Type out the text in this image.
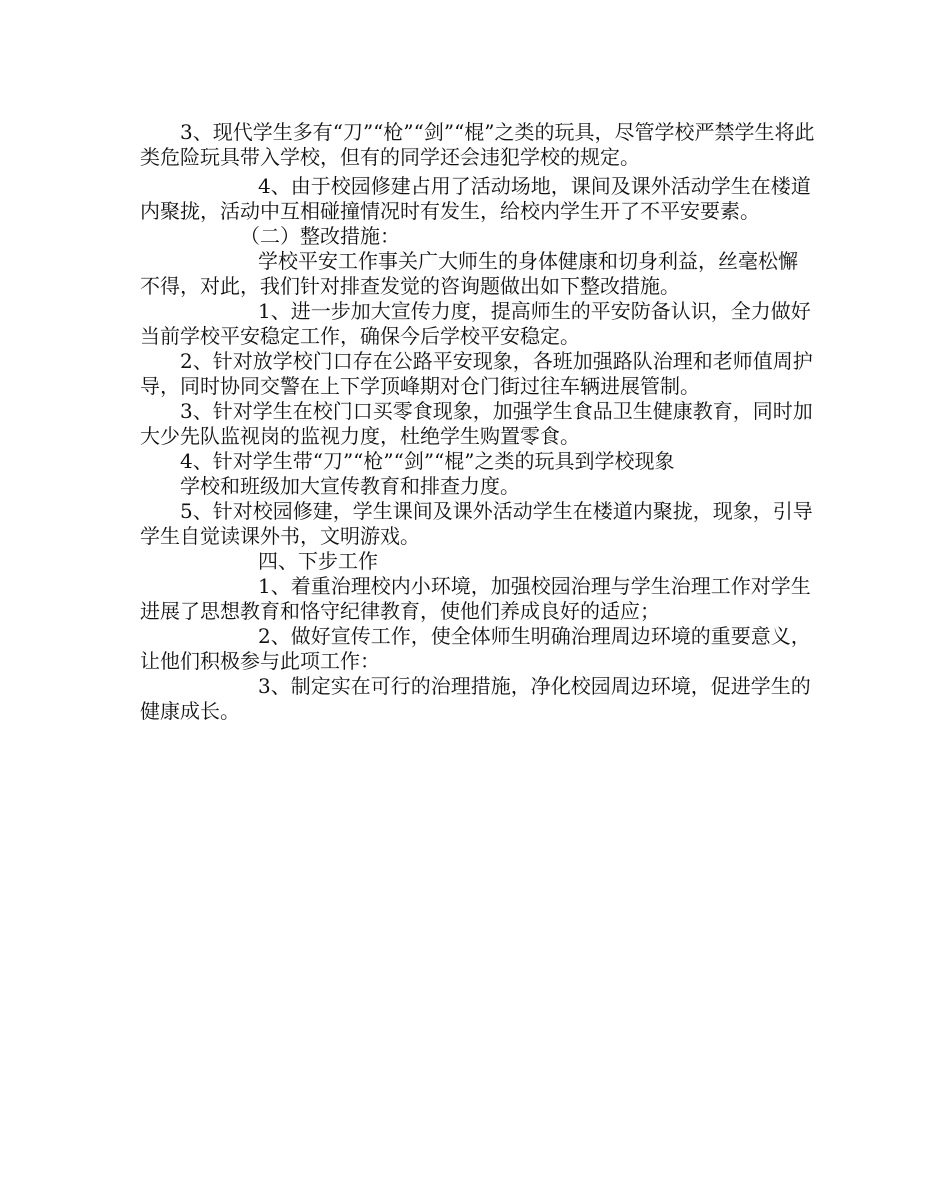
3、现代学生多有“刀”“枪”“剑”“棍”之类的玩具，尽管学校严禁学生将此类危险玩具带入学校，但有的同学还会违犯学校的规定。

4、由于校园修建占用了活动场地，课间及课外活动学生在楼道内聚拢，活动中互相碰撞情况时有发生，给校内学生开了不平安要素。

（二）整改措施：

学校平安工作事关广大师生的身体健康和切身利益，丝毫松懈不得，对此，我们针对排查发觉的咨询题做出如下整改措施。

1、进一步加大宣传力度，提高师生的平安防备认识，全力做好当前学校平安稳定工作，确保今后学校平安稳定。

2、针对放学校门口存在公路平安现象，各班加强路队治理和老师值周护导，同时协同交警在上下学顶峰期对仓门街过往车辆进展管制。

3、针对学生在校门口买零食现象，加强学生食品卫生健康教育，同时加大少先队监视岗的监视力度，杜绝学生购置零食。

4、针对学生带“刀”“枪”“剑”“棍”之类的玩具到学校现象

学校和班级加大宣传教育和排查力度。

5、针对校园修建，学生课间及课外活动学生在楼道内聚拢，现象，引导学生自觉读课外书，文明游戏。

四、下步工作

1、着重治理校内小环境，加强校园治理与学生治理工作对学生进展了思想教育和恪守纪律教育，使他们养成良好的适应；

2、做好宣传工作，使全体师生明确治理周边环境的重要意义，让他们积极参与此项工作：

3、制定实在可行的治理措施，净化校园周边环境，促进学生的健康成长。
